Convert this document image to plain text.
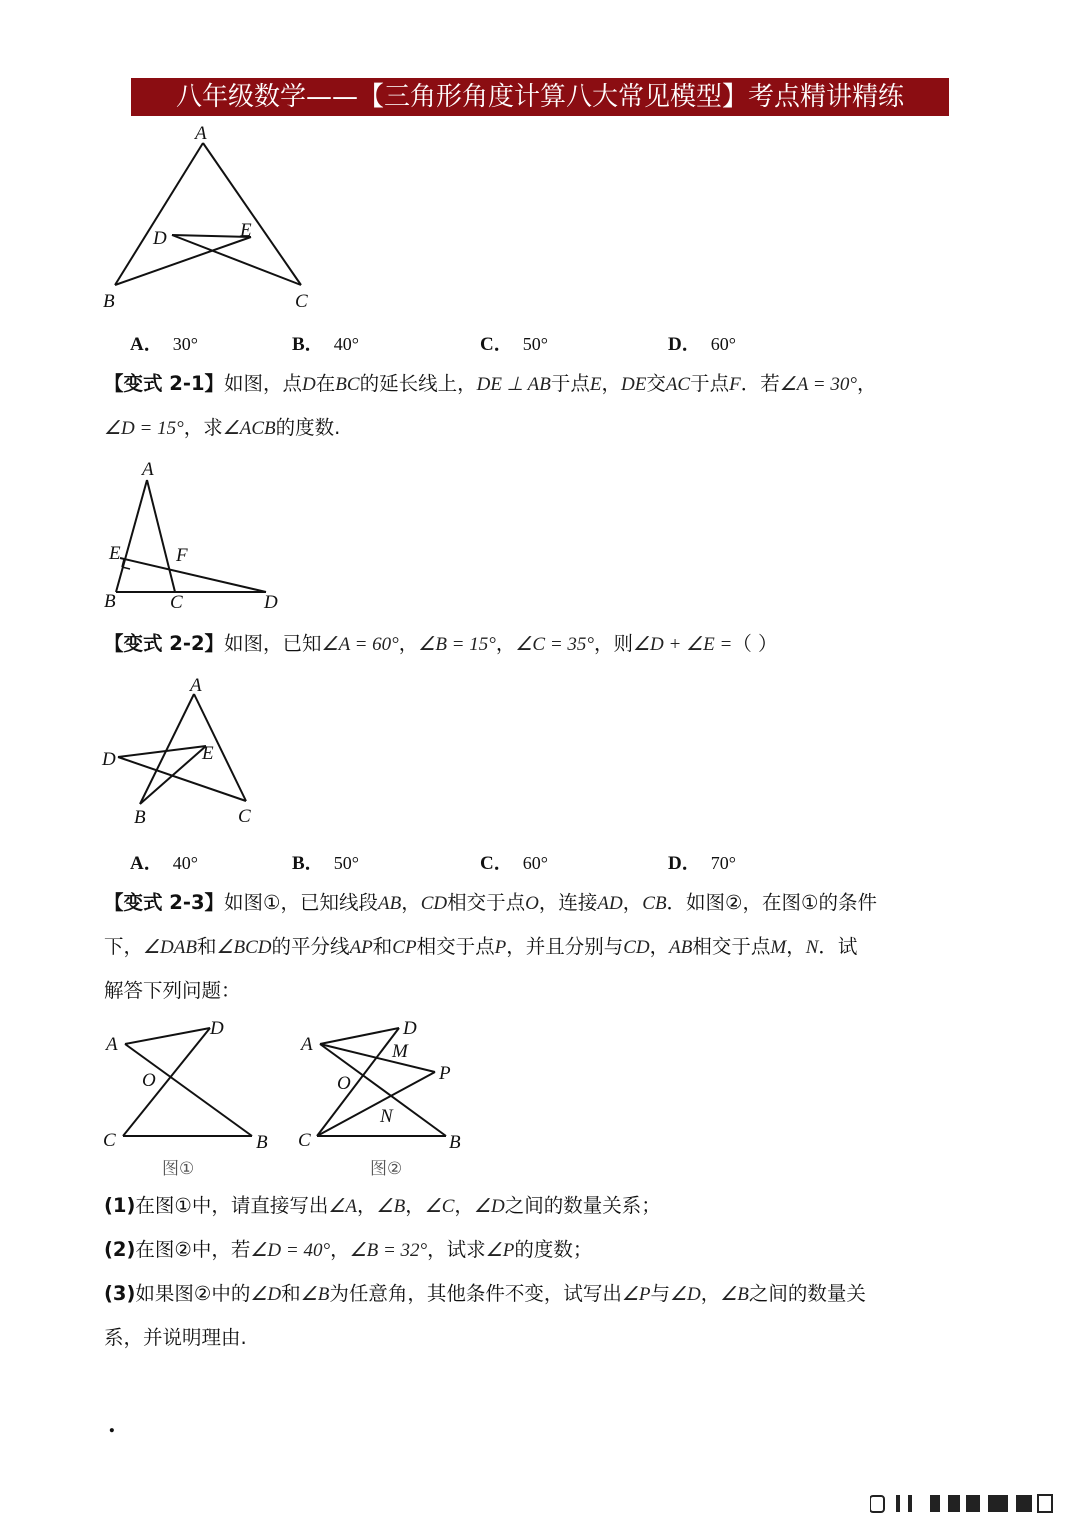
八年级数学——【三角形角度计算八大常见模型】考点精讲精练
A
D	E
B	C
A． 30°	B． 40°	C． 50°	D． 60°
【变式 2-1】如图，点D在BC的延长线上，DE ⊥ AB于点E，DE交AC于点F．若∠A = 30°，
∠D = 15°，求∠ACB的度数.
A
E	F
B	C	D
【变式 2-2】如图，已知∠A = 60°，∠B = 15°，∠C = 35°，则∠D + ∠E =（ ）
A
E
D
B	C
A． 40°	B． 50°	C． 60°	D． 70°
【变式 2-3】如图①，已知线段AB，CD相交于点O，连接AD，CB．如图②，在图①的条件
下，∠DAB和∠BCD的平分线AP和CP相交于点P，并且分别与CD，AB相交于点M，N．试
解答下列问题：
A
D
O
C	B
图①
A
D
M
P
O
N
C	B
图②
(1)在图①中，请直接写出∠A，∠B，∠C，∠D之间的数量关系；
(2)在图②中，若∠D = 40°，∠B = 32°，试求∠P的度数；
(3)如果图②中的∠D和∠B为任意角，其他条件不变，试写出∠P与∠D，∠B之间的数量关
系，并说明理由.
.
